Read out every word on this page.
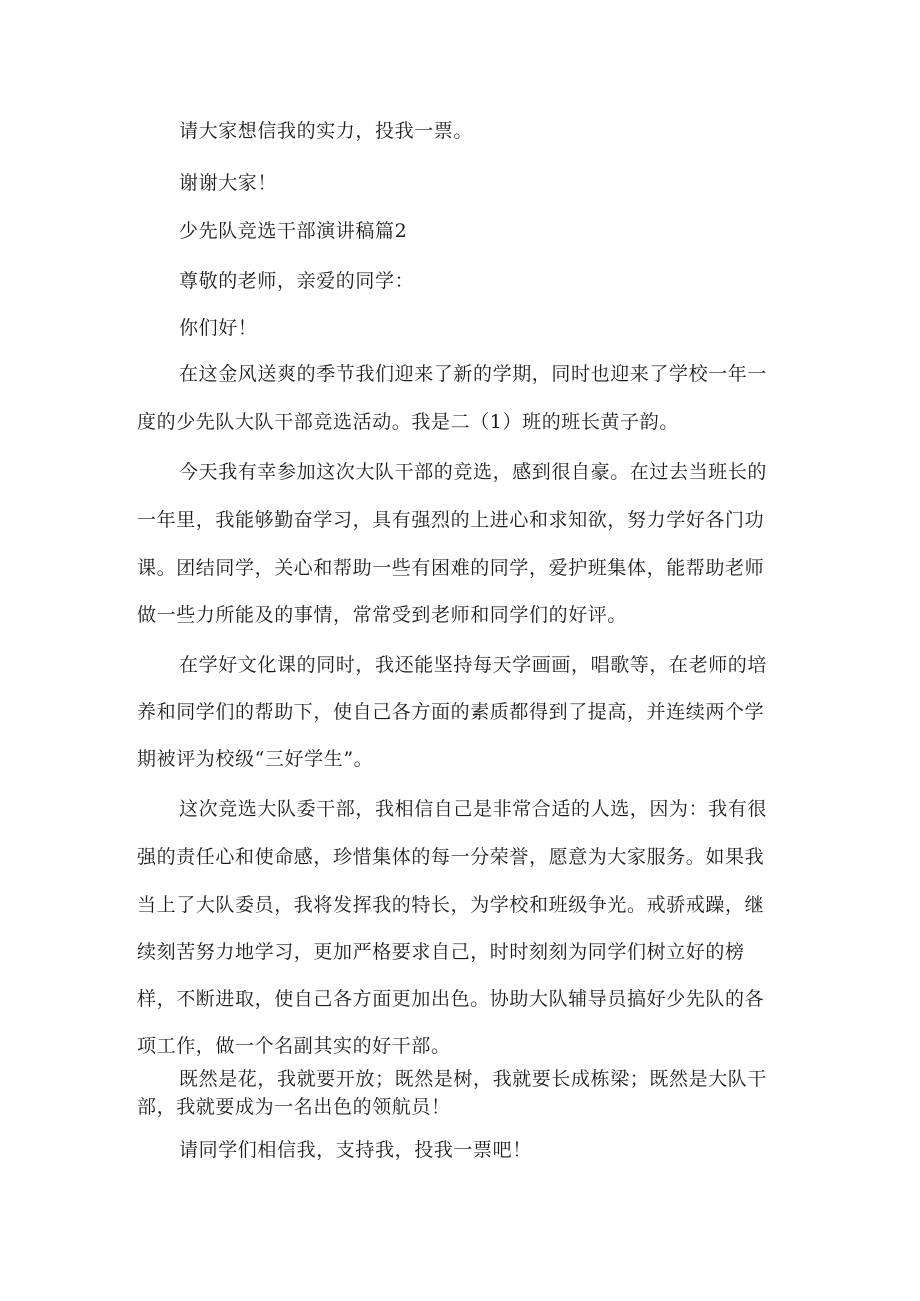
请大家想信我的实力，投我一票。

谢谢大家！

少先队竞选干部演讲稿篇2

尊敬的老师，亲爱的同学：

你们好！

在这金风送爽的季节我们迎来了新的学期，同时也迎来了学校一年一

度的少先队大队干部竞选活动。我是二（1）班的班长黄子韵。

今天我有幸参加这次大队干部的竞选，感到很自豪。在过去当班长的

一年里，我能够勤奋学习，具有强烈的上进心和求知欲，努力学好各门功

课。团结同学，关心和帮助一些有困难的同学，爱护班集体，能帮助老师

做一些力所能及的事情，常常受到老师和同学们的好评。

在学好文化课的同时，我还能坚持每天学画画，唱歌等，在老师的培

养和同学们的帮助下，使自己各方面的素质都得到了提高，并连续两个学

期被评为校级“三好学生”。

这次竞选大队委干部，我相信自己是非常合适的人选，因为：我有很

强的责任心和使命感，珍惜集体的每一分荣誉，愿意为大家服务。如果我

当上了大队委员，我将发挥我的特长，为学校和班级争光。戒骄戒躁，继

续刻苦努力地学习，更加严格要求自己，时时刻刻为同学们树立好的榜

样，不断进取，使自己各方面更加出色。协助大队辅导员搞好少先队的各

项工作，做一个名副其实的好干部。

既然是花，我就要开放；既然是树，我就要长成栋梁；既然是大队干

部，我就要成为一名出色的领航员！

请同学们相信我，支持我，投我一票吧！
